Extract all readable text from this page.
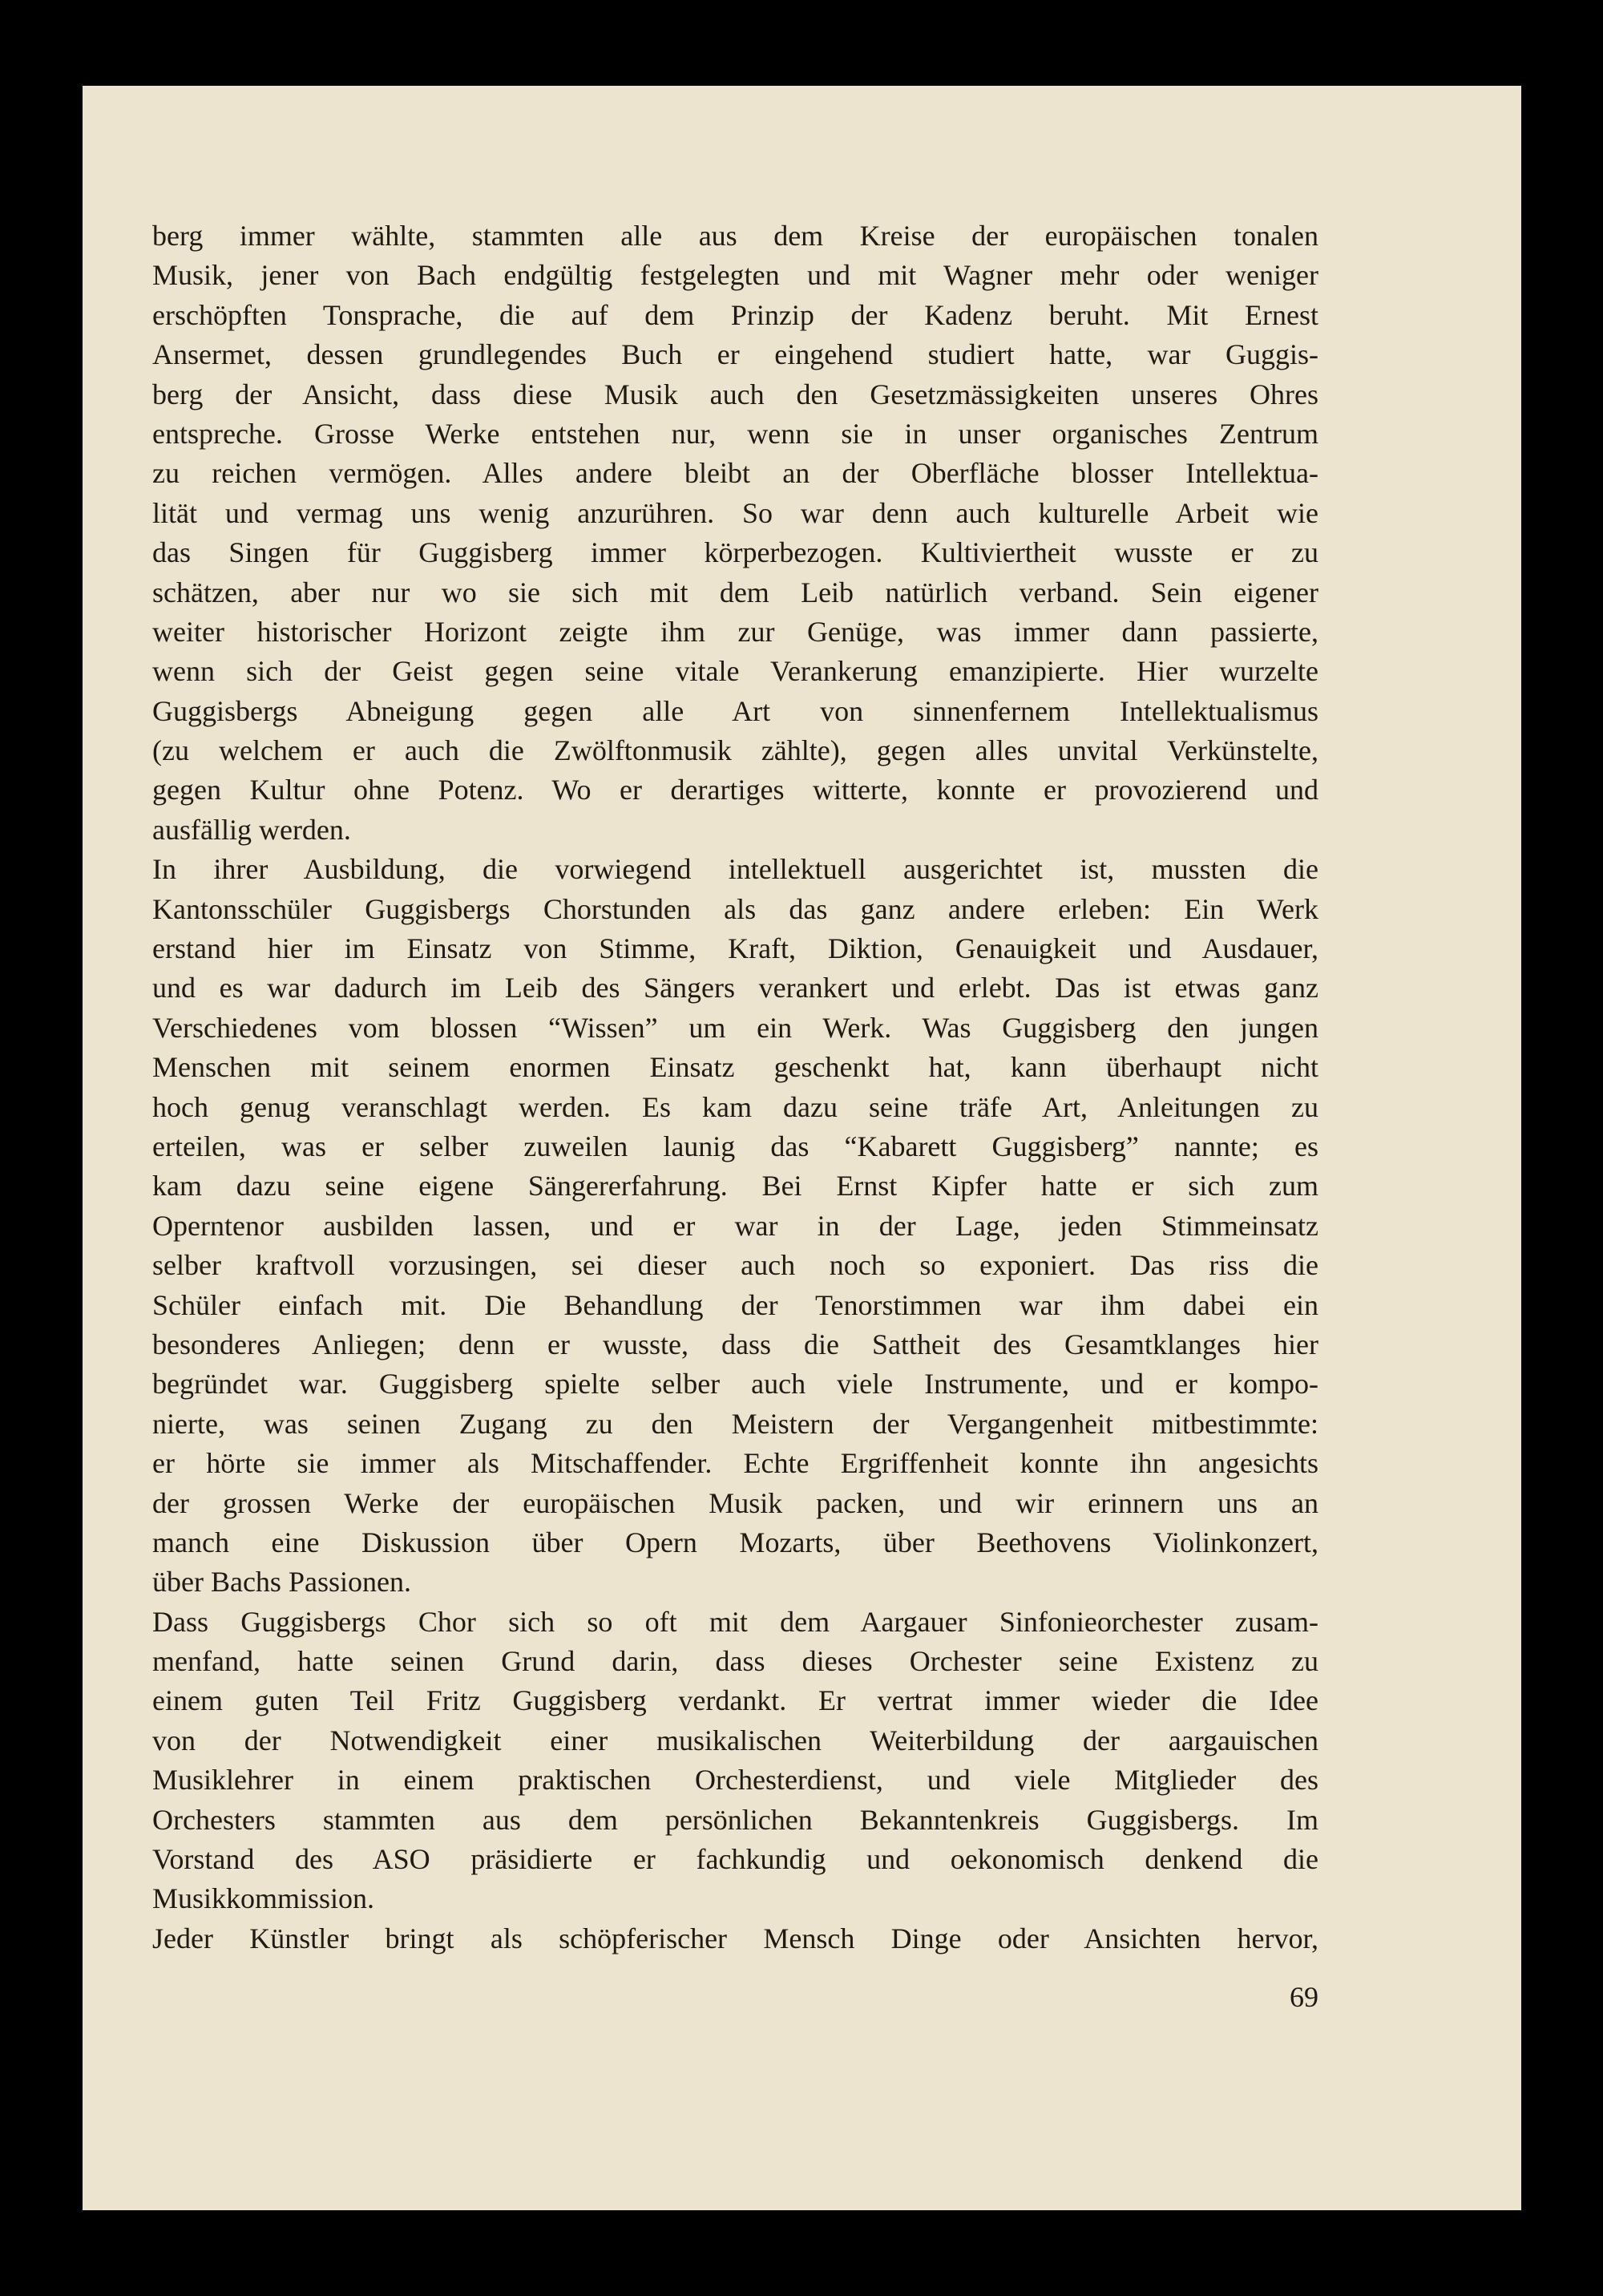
berg immer wählte, stammten alle aus dem Kreise der europäischen tonalen
Musik, jener von Bach endgültig festgelegten und mit Wagner mehr oder weniger
erschöpften Tonsprache, die auf dem Prinzip der Kadenz beruht. Mit Ernest
Ansermet, dessen grundlegendes Buch er eingehend studiert hatte, war Guggis-
berg der Ansicht, dass diese Musik auch den Gesetzmässigkeiten unseres Ohres
entspreche. Grosse Werke entstehen nur, wenn sie in unser organisches Zentrum
zu reichen vermögen. Alles andere bleibt an der Oberfläche blosser Intellektua-
lität und vermag uns wenig anzurühren. So war denn auch kulturelle Arbeit wie
das Singen für Guggisberg immer körperbezogen. Kultiviertheit wusste er zu
schätzen, aber nur wo sie sich mit dem Leib natürlich verband. Sein eigener
weiter historischer Horizont zeigte ihm zur Genüge, was immer dann passierte,
wenn sich der Geist gegen seine vitale Verankerung emanzipierte. Hier wurzelte
Guggisbergs Abneigung gegen alle Art von sinnenfernem Intellektualismus
(zu welchem er auch die Zwölftonmusik zählte), gegen alles unvital Verkünstelte,
gegen Kultur ohne Potenz. Wo er derartiges witterte, konnte er provozierend und
ausfällig werden.
In ihrer Ausbildung, die vorwiegend intellektuell ausgerichtet ist, mussten die
Kantonsschüler Guggisbergs Chorstunden als das ganz andere erleben: Ein Werk
erstand hier im Einsatz von Stimme, Kraft, Diktion, Genauigkeit und Ausdauer,
und es war dadurch im Leib des Sängers verankert und erlebt. Das ist etwas ganz
Verschiedenes vom blossen “Wissen” um ein Werk. Was Guggisberg den jungen
Menschen mit seinem enormen Einsatz geschenkt hat, kann überhaupt nicht
hoch genug veranschlagt werden. Es kam dazu seine träfe Art, Anleitungen zu
erteilen, was er selber zuweilen launig das “Kabarett Guggisberg” nannte; es
kam dazu seine eigene Sängererfahrung. Bei Ernst Kipfer hatte er sich zum
Operntenor ausbilden lassen, und er war in der Lage, jeden Stimmeinsatz
selber kraftvoll vorzusingen, sei dieser auch noch so exponiert. Das riss die
Schüler einfach mit. Die Behandlung der Tenorstimmen war ihm dabei ein
besonderes Anliegen; denn er wusste, dass die Sattheit des Gesamtklanges hier
begründet war. Guggisberg spielte selber auch viele Instrumente, und er kompo-
nierte, was seinen Zugang zu den Meistern der Vergangenheit mitbestimmte:
er hörte sie immer als Mitschaffender. Echte Ergriffenheit konnte ihn angesichts
der grossen Werke der europäischen Musik packen, und wir erinnern uns an
manch eine Diskussion über Opern Mozarts, über Beethovens Violinkonzert,
über Bachs Passionen.
Dass Guggisbergs Chor sich so oft mit dem Aargauer Sinfonieorchester zusam-
menfand, hatte seinen Grund darin, dass dieses Orchester seine Existenz zu
einem guten Teil Fritz Guggisberg verdankt. Er vertrat immer wieder die Idee
von der Notwendigkeit einer musikalischen Weiterbildung der aargauischen
Musiklehrer in einem praktischen Orchesterdienst, und viele Mitglieder des
Orchesters stammten aus dem persönlichen Bekanntenkreis Guggisbergs. Im
Vorstand des ASO präsidierte er fachkundig und oekonomisch denkend die
Musikkommission.
Jeder Künstler bringt als schöpferischer Mensch Dinge oder Ansichten hervor,
69
